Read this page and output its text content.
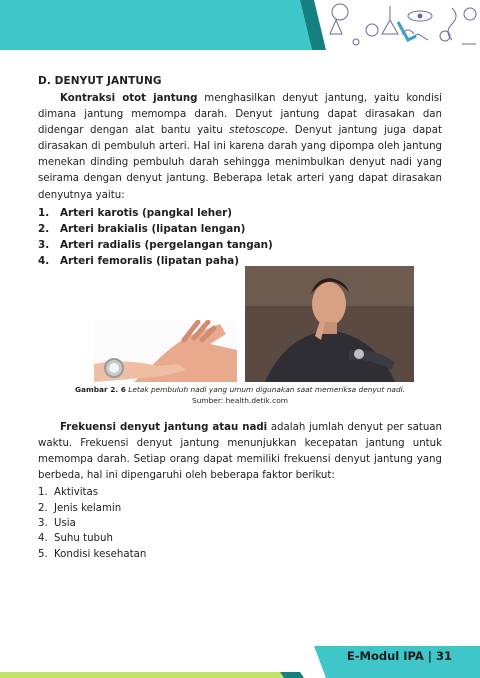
D. DENYUT JANTUNG

Kontraksi otot jantung menghasilkan denyut jantung, yaitu kondisi dimana jantung memompa darah. Denyut jantung dapat dirasakan dan didengar dengan alat bantu yaitu stetoscope. Denyut jantung juga dapat dirasakan di pembuluh arteri. Hal ini karena darah yang dipompa oleh jantung menekan dinding pembuluh darah sehingga menimbulkan denyut nadi yang seirama dengan denyut jantung. Beberapa letak arteri yang dapat dirasakan denyutnya yaitu:

1.	Arteri karotis (pangkal leher)
2.	Arteri brakialis (lipatan lengan)
3.	Arteri radialis (pergelangan tangan)
4.	Arteri femoralis (lipatan paha)
Gambar 2. 6 Letak pembuluh nadi yang umum digunakan saat memeriksa denyut nadi.
Sumber: health.detik.com

Frekuensi denyut jantung atau nadi adalah jumlah denyut per satuan waktu. Frekuensi denyut jantung menunjukkan kecepatan jantung untuk memompa darah. Setiap orang dapat memiliki frekuensi denyut jantung yang berbeda, hal ini dipengaruhi oleh beberapa faktor berikut:

1. Aktivitas
2. Jenis kelamin
3. Usia
4. Suhu tubuh
5. Kondisi kesehatan
E-Modul IPA | 31
